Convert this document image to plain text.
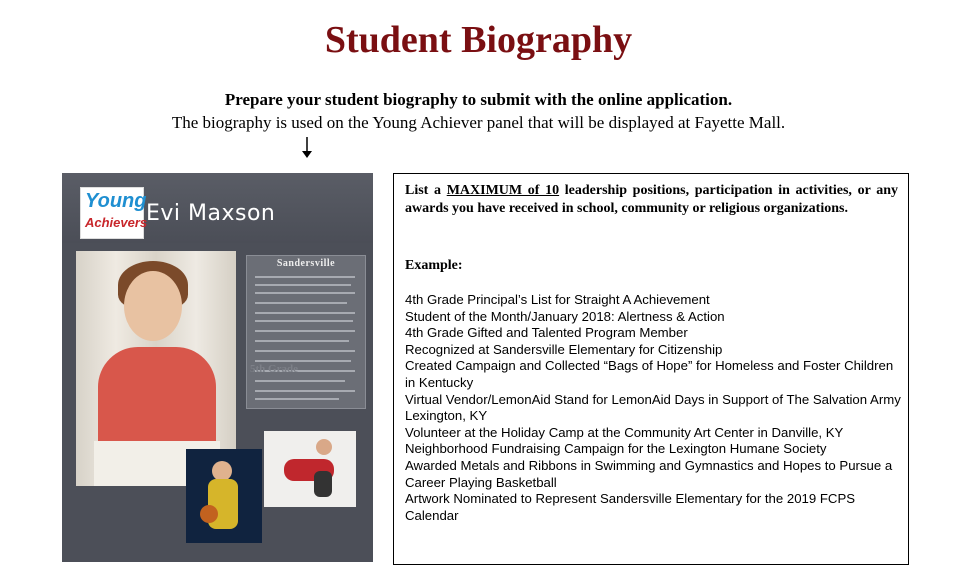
Student Biography
Prepare your student biography to submit with the online application.
The biography is used on the Young Achiever panel that will be displayed at Fayette Mall.
Young
Achievers
Evi Maxson
Sandersville
5th Grade
List a MAXIMUM of 10 leadership positions, participation in activities, or any awards you have received in school, community or religious organizations.
Example:

4th Grade Principal’s List for Straight A Achievement

Student of the Month/January 2018: Alertness & Action

4th Grade Gifted and Talented Program Member

Recognized at Sandersville Elementary for Citizenship

Created Campaign and Collected “Bags of Hope” for Homeless and Foster Children in Kentucky

Virtual Vendor/LemonAid Stand for LemonAid Days in Support of The Salvation Army Lexington, KY

Volunteer at the Holiday Camp at the Community Art Center in Danville, KY

Neighborhood Fundraising Campaign for the Lexington Humane Society

Awarded Metals and Ribbons in Swimming and Gymnastics and Hopes to Pursue a Career Playing Basketball

Artwork Nominated to Represent Sandersville Elementary for the 2019 FCPS Calendar
